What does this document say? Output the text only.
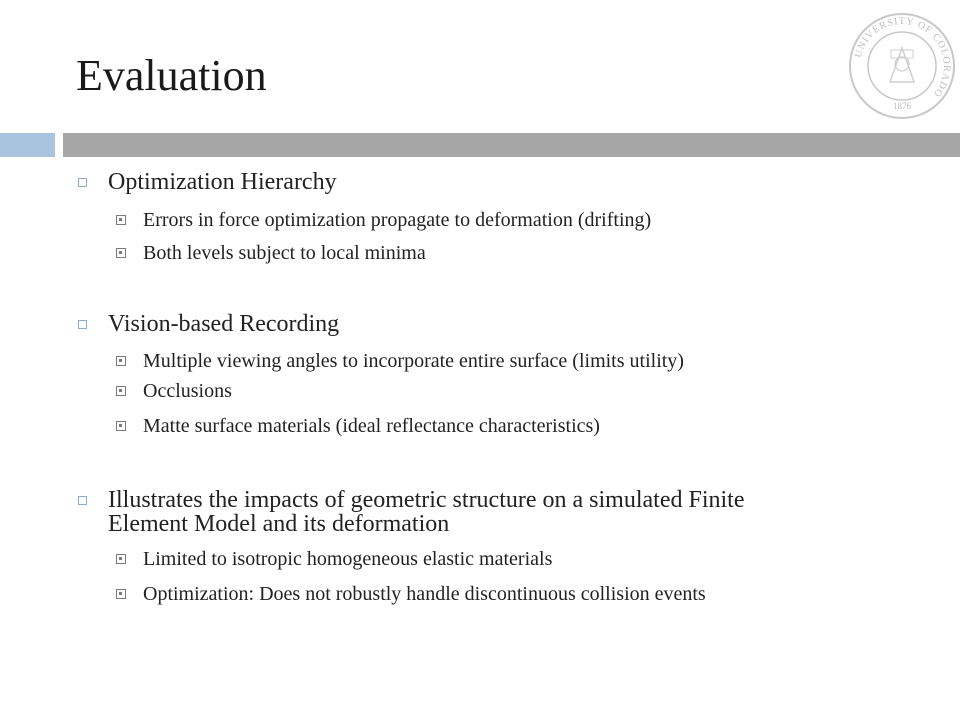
Evaluation	UNIVERSITY OF COLORADO
1876
Optimization Hierarchy
Errors in force optimization propagate to deformation (drifting)
Both levels subject to local minima
Vision-based Recording
Multiple viewing angles to incorporate entire surface (limits utility)
Occlusions
Matte surface materials (ideal reflectance characteristics)
Illustrates the impacts of geometric structure on a simulated Finite
Element Model and its deformation
Limited to isotropic homogeneous elastic materials
Optimization: Does not robustly handle discontinuous collision events
